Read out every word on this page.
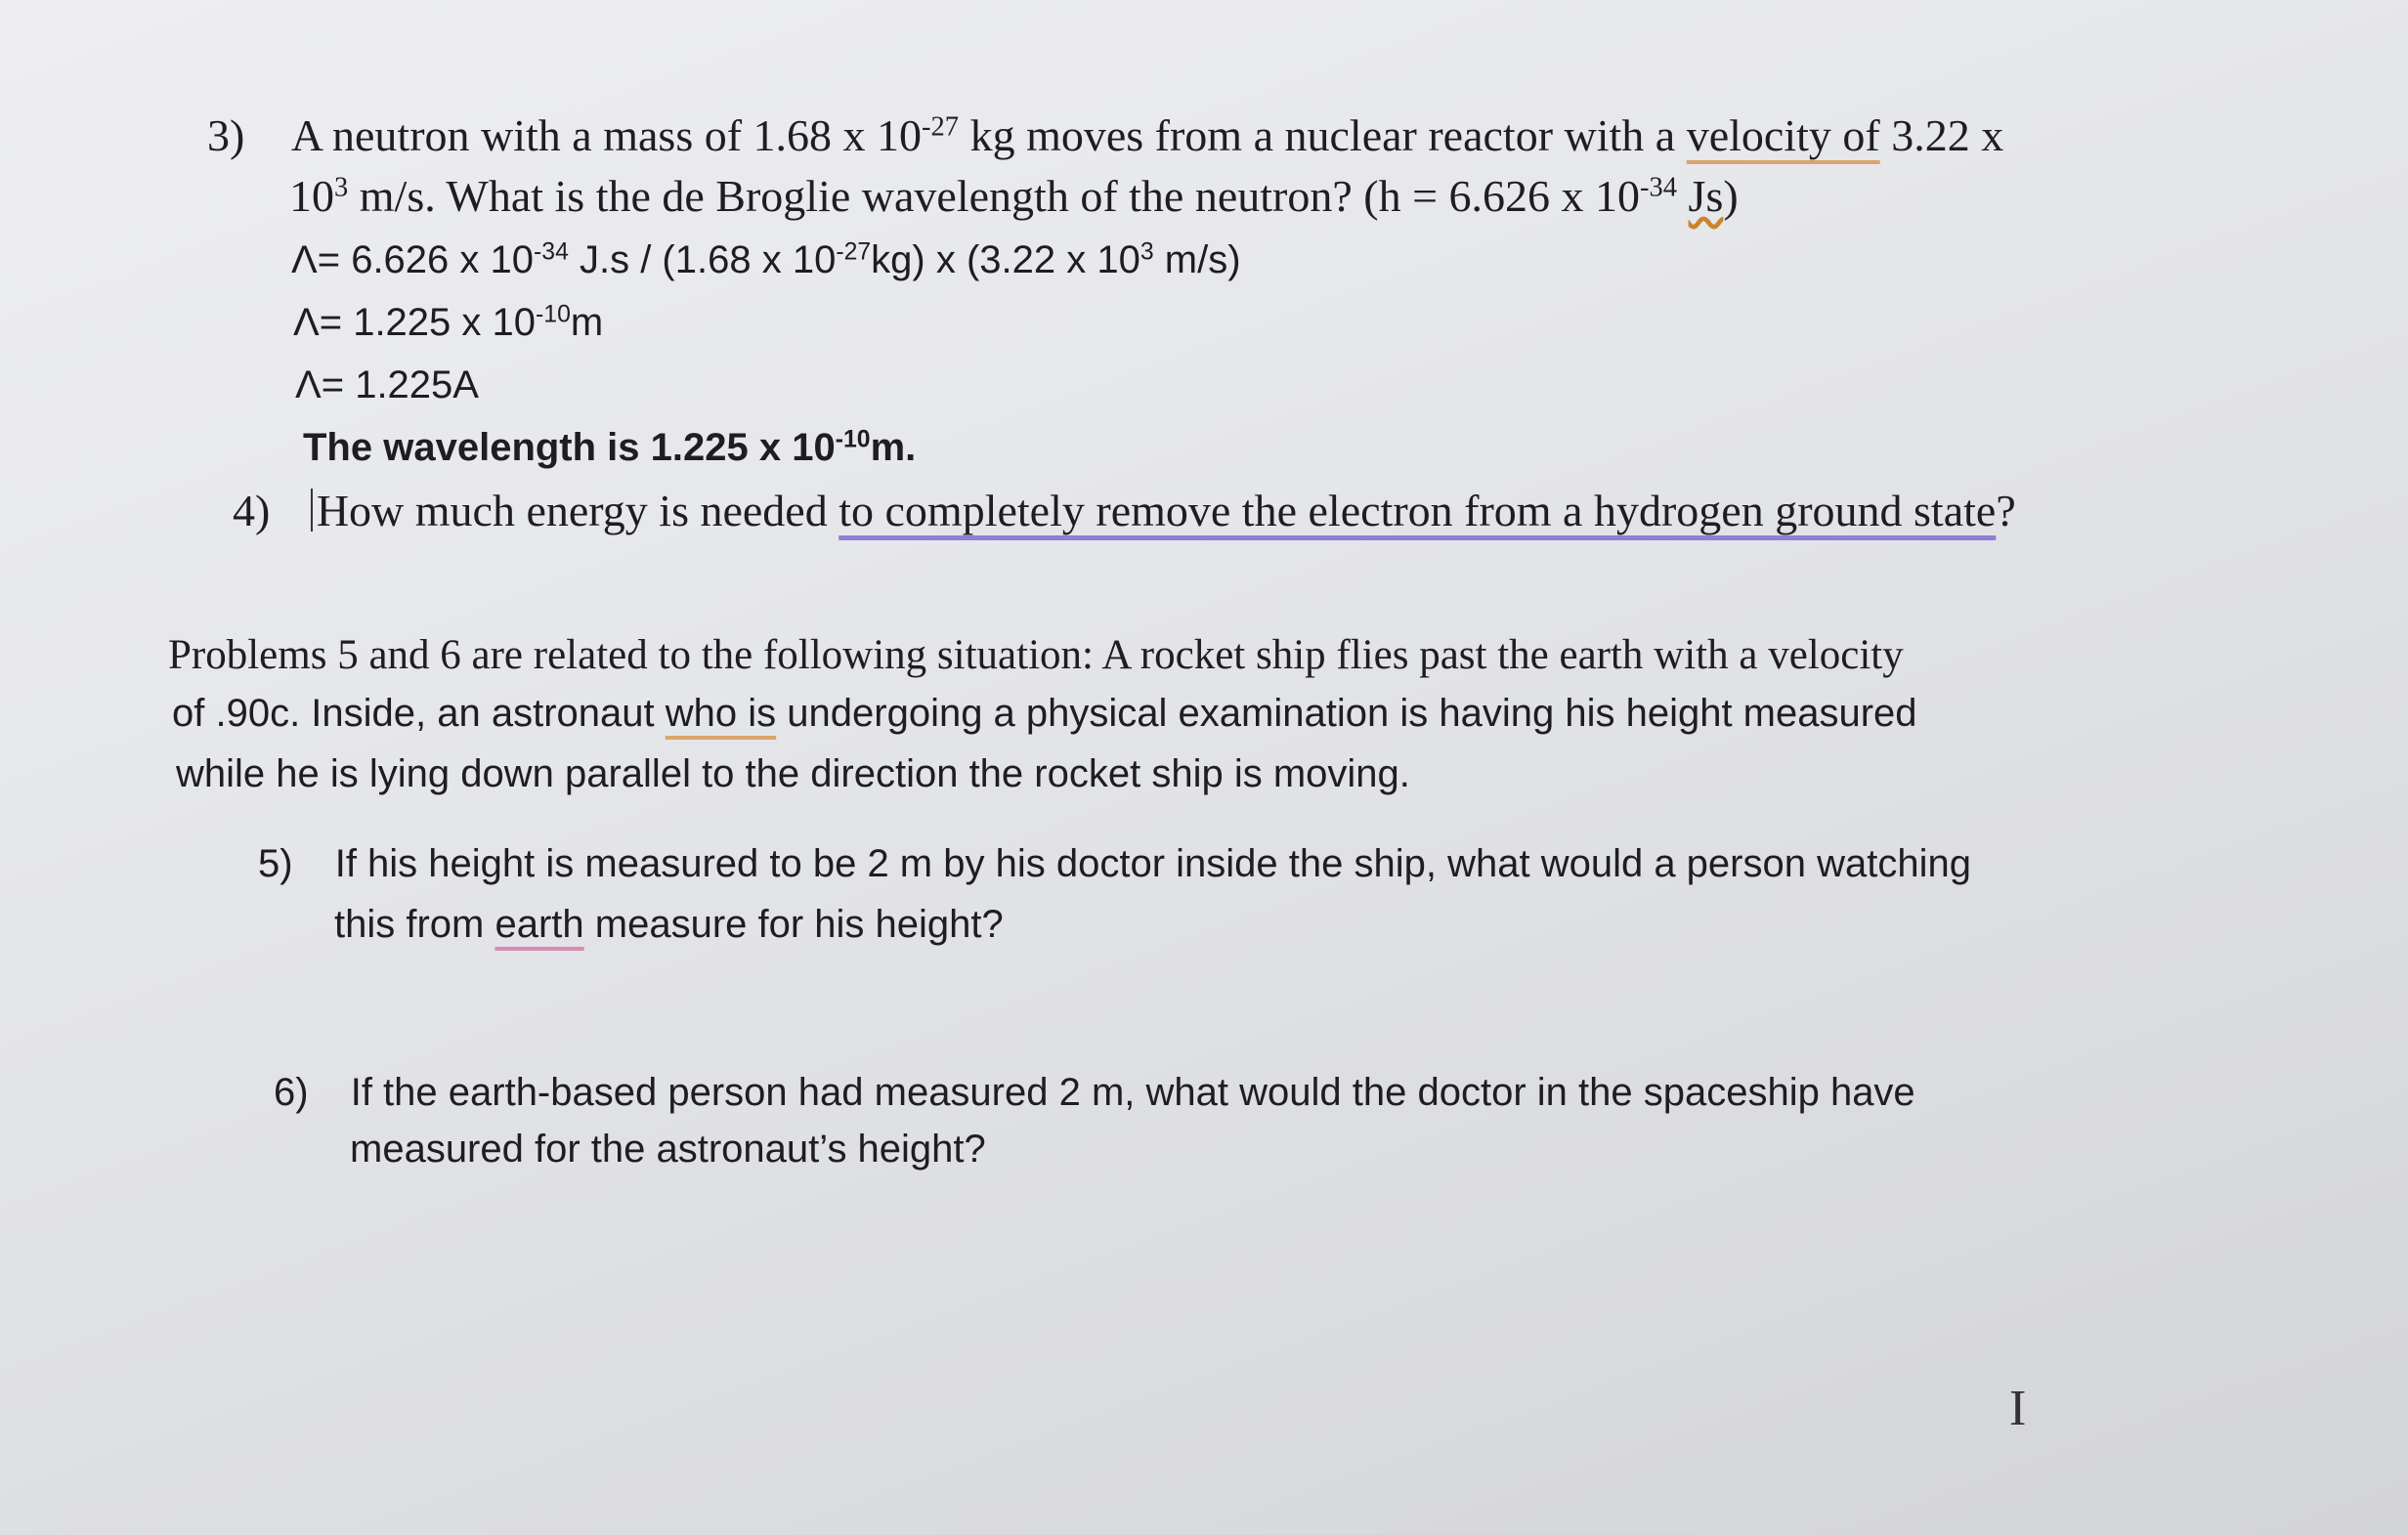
3) A neutron with a mass of 1.68 x $10^{-27}$ kg moves from a nuclear reactor with a velocity of 3.22 x
$10^3$ m/s. What is the de Broglie wavelength of the neutron? (h = 6.626 x $10^{-34}$ Js)
Λ= 6.626 x $10^{-34}$ J.s / (1.68 x $10^{-27}kg$) x (3.22 x $10^3$ m/s)
Λ= 1.225 x $10^{-10}m$
Λ= 1.225A
The wavelength is 1.225 x $10^{-10}m$.
4) How much energy is needed to completely remove the electron from a hydrogen ground state?
Problems 5 and 6 are related to the following situation: A rocket ship flies past the earth with a velocity
of .90c. Inside, an astronaut who is undergoing a physical examination is having his height measured
while he is lying down parallel to the direction the rocket ship is moving.
5) If his height is measured to be 2 m by his doctor inside the ship, what would a person watching
this from earth measure for his height?
6) If the earth-based person had measured 2 m, what would the doctor in the spaceship have
measured for the astronaut’s height?
I
